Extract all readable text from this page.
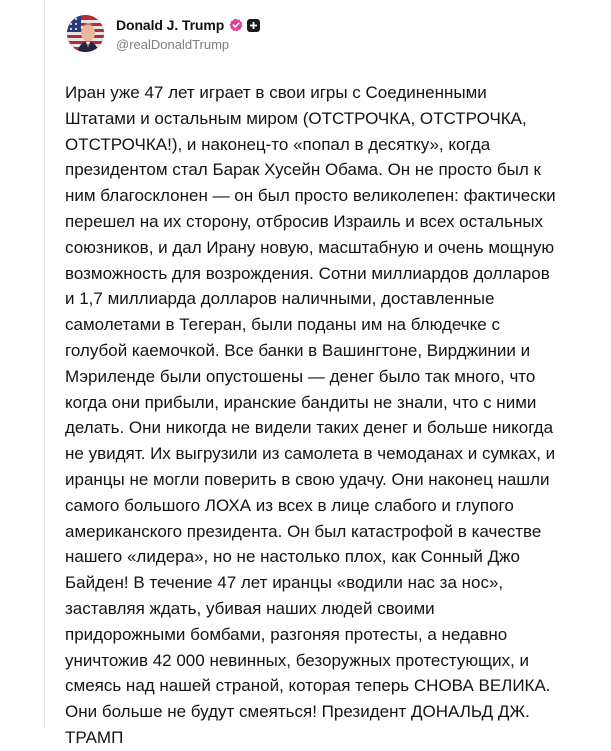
Donald J. Trump
@realDonaldTrump

Иран уже 47 лет играет в свои игры с Соединенными
Штатами и остальным миром (ОТСТРОЧКА, ОТСТРОЧКА,
ОТСТРОЧКА!), и наконец-то «попал в десятку», когда
президентом стал Барак Хусейн Обама. Он не просто был к
ним благосклонен — он был просто великолепен: фактически
перешел на их сторону, отбросив Израиль и всех остальных
союзников, и дал Ирану новую, масштабную и очень мощную
возможность для возрождения. Сотни миллиардов долларов
и 1,7 миллиарда долларов наличными, доставленные
самолетами в Тегеран, были поданы им на блюдечке с
голубой каемочкой. Все банки в Вашингтоне, Вирджинии и
Мэриленде были опустошены — денег было так много, что
когда они прибыли, иранские бандиты не знали, что с ними
делать. Они никогда не видели таких денег и больше никогда
не увидят. Их выгрузили из самолета в чемоданах и сумках, и
иранцы не могли поверить в свою удачу. Они наконец нашли
самого большого ЛОХА из всех в лице слабого и глупого
американского президента. Он был катастрофой в качестве
нашего «лидера», но не настолько плох, как Сонный Джо
Байден! В течение 47 лет иранцы «водили нас за нос»,
заставляя ждать, убивая наших людей своими
придорожными бомбами, разгоняя протесты, а недавно
уничтожив 42 000 невинных, безоружных протестующих, и
смеясь над нашей страной, которая теперь СНОВА ВЕЛИКА.
Они больше не будут смеяться! Президент ДОНАЛЬД ДЖ.
ТРАМП
